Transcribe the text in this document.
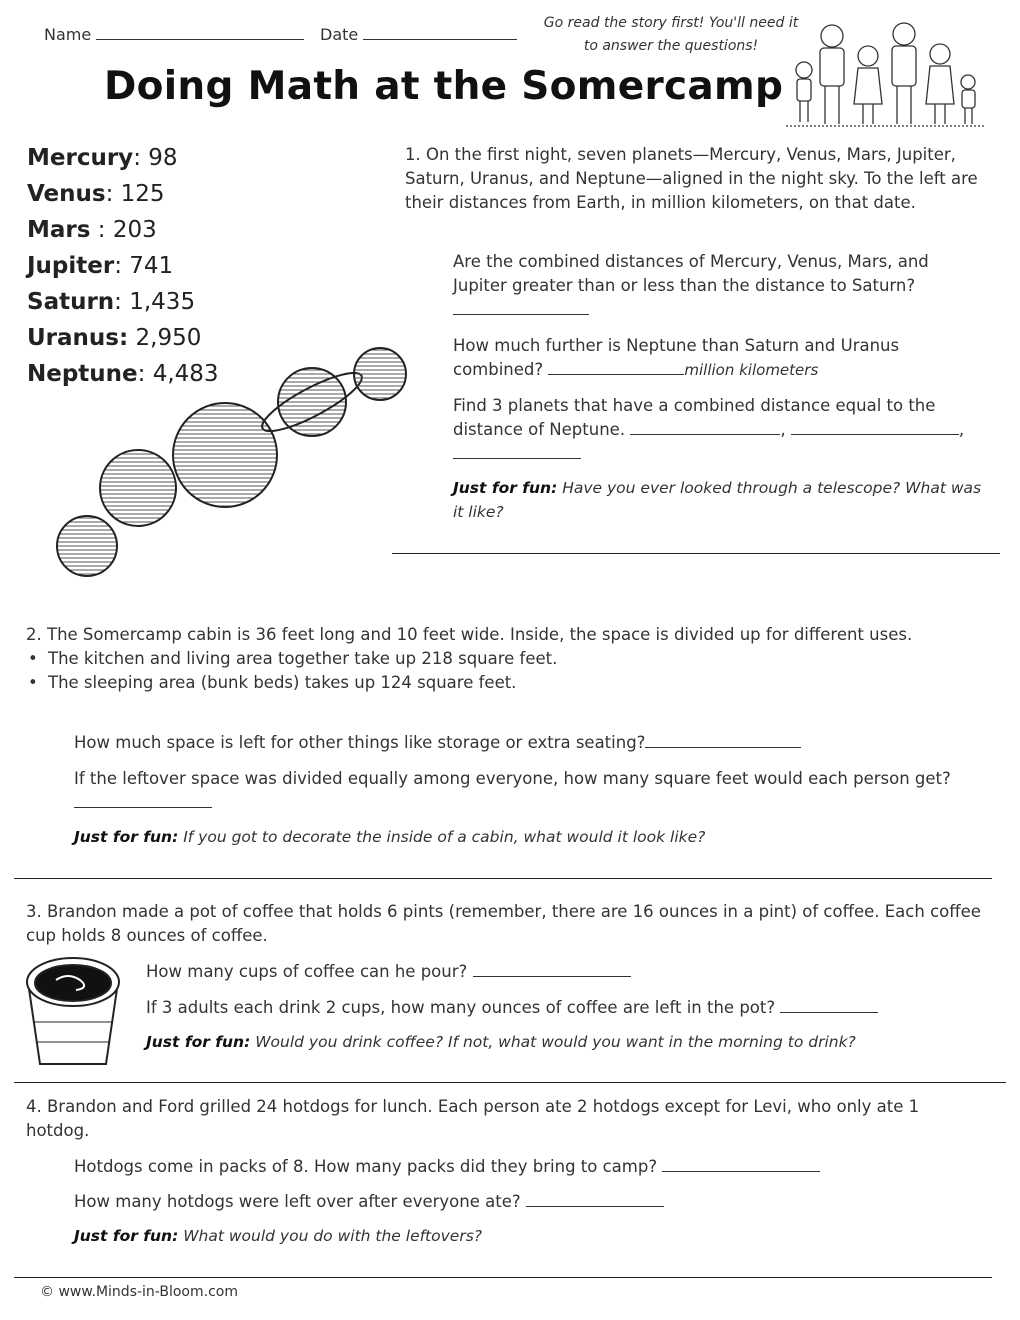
Name	Date
Go read the story first! You'll need it to answer the questions!
Doing Math at the Somercamp
Mercury: 98
Venus: 125
Mars : 203
Jupiter: 741
Saturn: 1,435
Uranus: 2,950
Neptune: 4,483
1. On the first night, seven planets—Mercury, Venus, Mars, Jupiter, Saturn, Uranus, and Neptune—aligned in the night sky. To the left are their distances from Earth, in million kilometers, on that date.
Are the combined distances of Mercury, Venus, Mars, and Jupiter greater than or less than the distance to Saturn?
How much further is Neptune than Saturn and Uranus combined?	million kilometers
Find 3 planets that have a combined distance equal to the distance of Neptune.	,	,
Just for fun: Have you ever looked through a telescope? What was it like?
2. The Somercamp cabin is 36 feet long and 10 feet wide. Inside, the space is divided up for different uses.
• The kitchen and living area together take up 218 square feet.
• The sleeping area (bunk beds) takes up 124 square feet.
How much space is left for other things like storage or extra seating?
If the leftover space was divided equally among everyone, how many square feet would each person get?
Just for fun: If you got to decorate the inside of a cabin, what would it look like?
3. Brandon made a pot of coffee that holds 6 pints (remember, there are 16 ounces in a pint) of coffee. Each coffee cup holds 8 ounces of coffee.
How many cups of coffee can he pour?
If 3 adults each drink 2 cups, how many ounces of coffee are left in the pot?
Just for fun: Would you drink coffee? If not, what would you want in the morning to drink?
4. Brandon and Ford grilled 24 hotdogs for lunch. Each person ate 2 hotdogs except for Levi, who only ate 1 hotdog.
Hotdogs come in packs of 8. How many packs did they bring to camp?
How many hotdogs were left over after everyone ate?
Just for fun: What would you do with the leftovers?
© www.Minds-in-Bloom.com
